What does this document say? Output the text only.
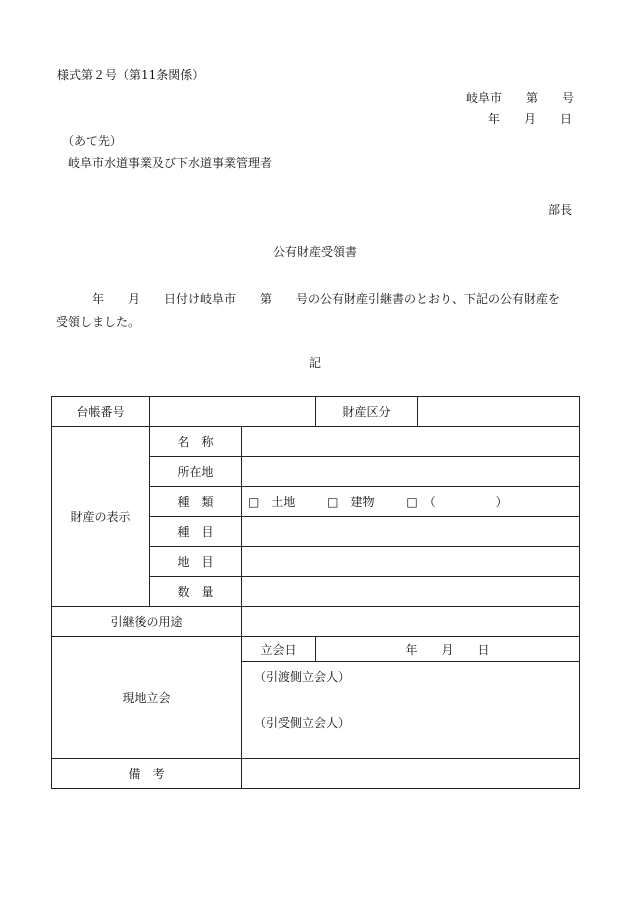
様式第２号（第11条関係）
岐阜市　　第　　号
年　　月　　日
（あて先）
岐阜市水道事業及び下水道事業管理者
部長
公有財産受領書
年　　月　　日付け岐阜市　　第　　号の公有財産引継書のとおり、下記の公有財産を
受領しました。
記
台帳番号			財産区分	
財産の表示	名　称			
	所在地			
	種　類	□　土地 □　建物 □　（　　　　　）		
	種　目			
	地　目			
	数　量			
引継後の用途				
現地立会		立会日	年　　月　　日	

		（引渡側立会人）
（引受側立会人）		

備　考				
